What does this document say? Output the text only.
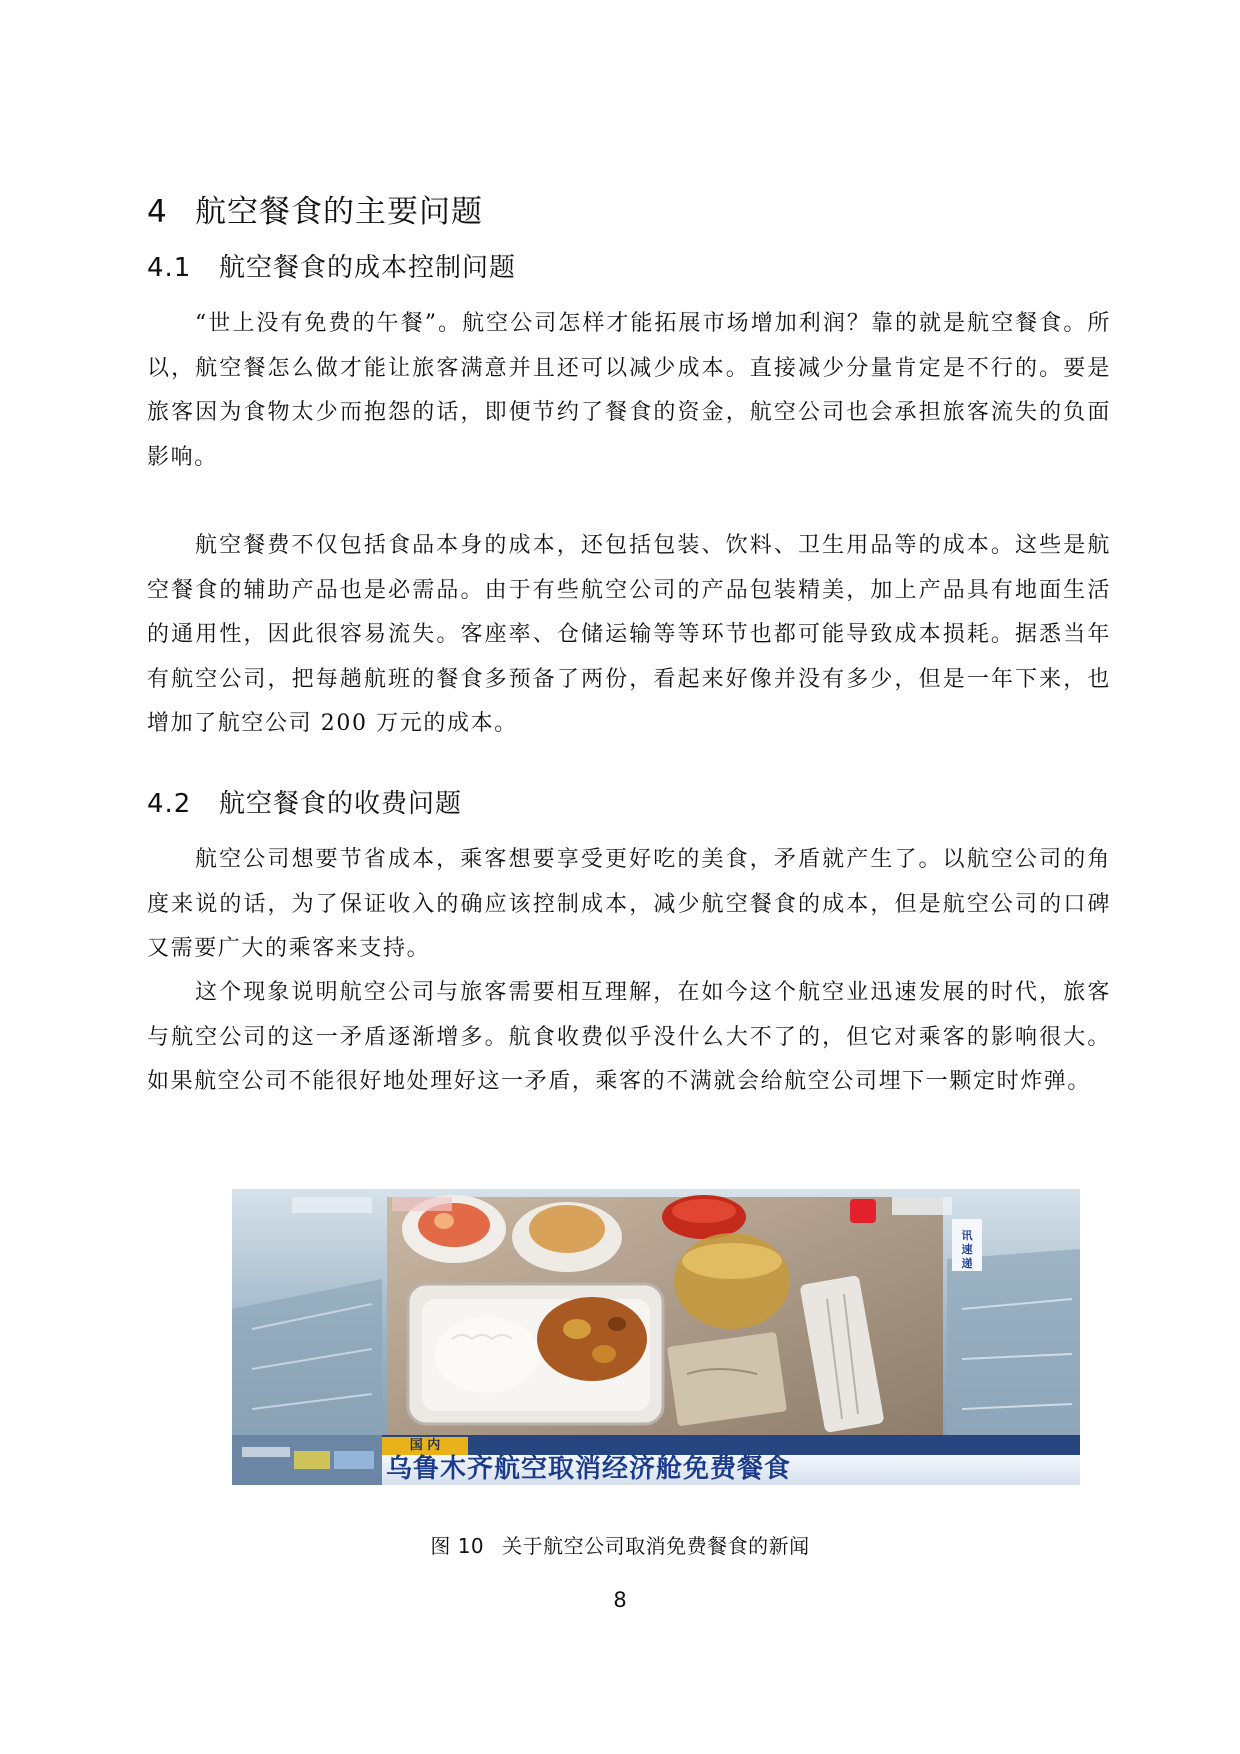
4 航空餐食的主要问题
4.1 航空餐食的成本控制问题

“世上没有免费的午餐”。航空公司怎样才能拓展市场增加利润？靠的就是航空餐食。所以，航空餐怎么做才能让旅客满意并且还可以减少成本。直接减少分量肯定是不行的。要是旅客因为食物太少而抱怨的话，即便节约了餐食的资金，航空公司也会承担旅客流失的负面影响。

航空餐费不仅包括食品本身的成本，还包括包装、饮料、卫生用品等的成本。这些是航空餐食的辅助产品也是必需品。由于有些航空公司的产品包装精美，加上产品具有地面生活的通用性，因此很容易流失。客座率、仓储运输等等环节也都可能导致成本损耗。据悉当年有航空公司，把每趟航班的餐食多预备了两份，看起来好像并没有多少，但是一年下来，也增加了航空公司 200 万元的成本。

4.2 航空餐食的收费问题

航空公司想要节省成本，乘客想要享受更好吃的美食，矛盾就产生了。以航空公司的角度来说的话，为了保证收入的确应该控制成本，减少航空餐食的成本，但是航空公司的口碑又需要广大的乘客来支持。

这个现象说明航空公司与旅客需要相互理解，在如今这个航空业迅速发展的时代，旅客与航空公司的这一矛盾逐渐增多。航食收费似乎没什么大不了的，但它对乘客的影响很大。如果航空公司不能很好地处理好这一矛盾，乘客的不满就会给航空公司埋下一颗定时炸弹。

讯速递
国 内
乌鲁木齐航空取消经济舱免费餐食
图 10 关于航空公司取消免费餐食的新闻
8
